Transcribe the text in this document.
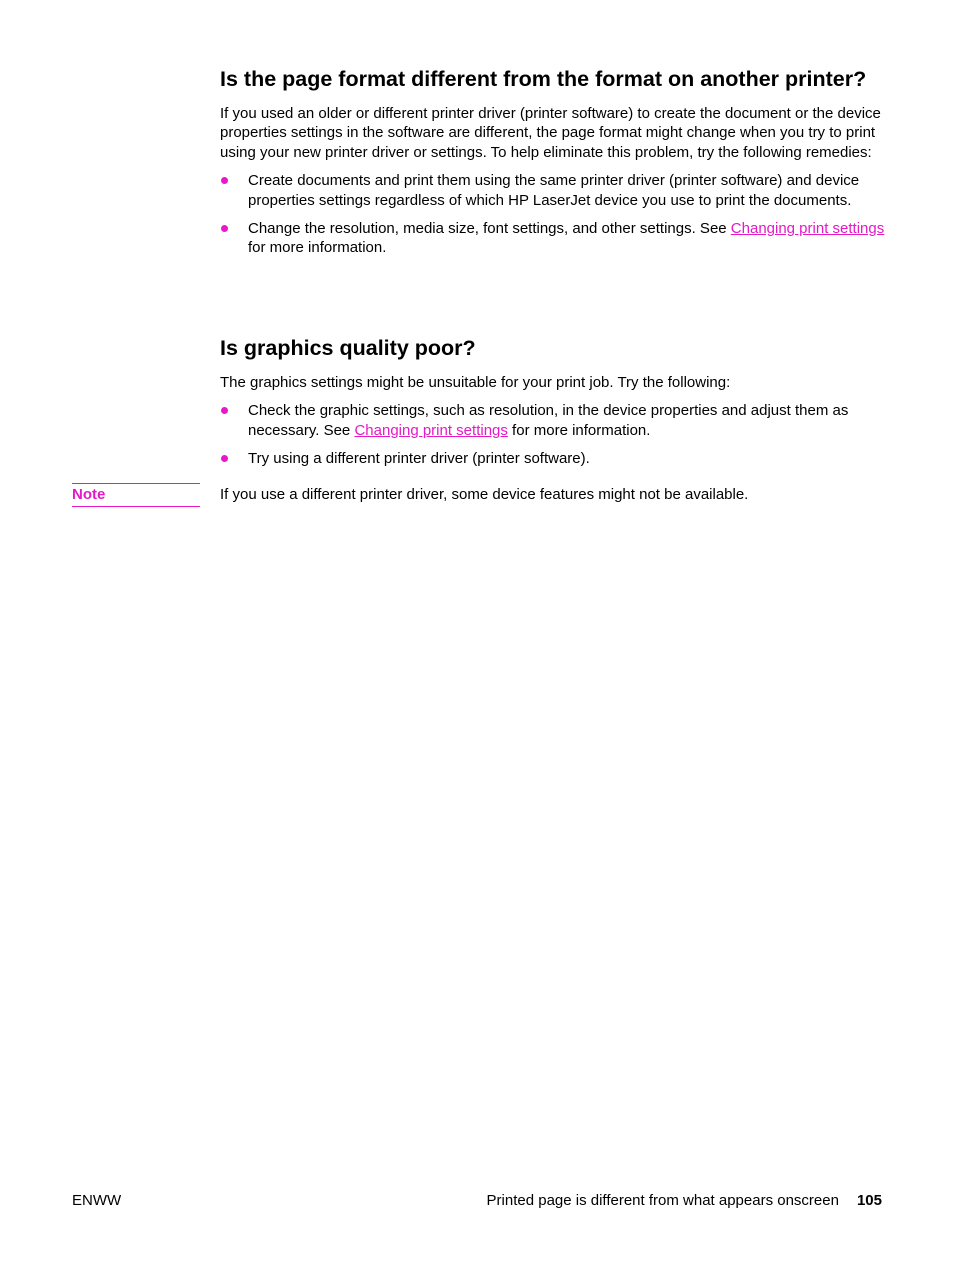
Is the page format different from the format on another printer?

If you used an older or different printer driver (printer software) to create the document or the device properties settings in the software are different, the page format might change when you try to print using your new printer driver or settings. To help eliminate this problem, try the following remedies:

Create documents and print them using the same printer driver (printer software) and device properties settings regardless of which HP LaserJet device you use to print the documents.
Change the resolution, media size, font settings, and other settings. See Changing print settings for more information.
Is graphics quality poor?

The graphics settings might be unsuitable for your print job. Try the following:

Check the graphic settings, such as resolution, in the device properties and adjust them as necessary. See Changing print settings for more information.
Try using a different printer driver (printer software).
Note	If you use a different printer driver, some device features might not be available.
ENWW	Printed page is different from what appears onscreen 105
